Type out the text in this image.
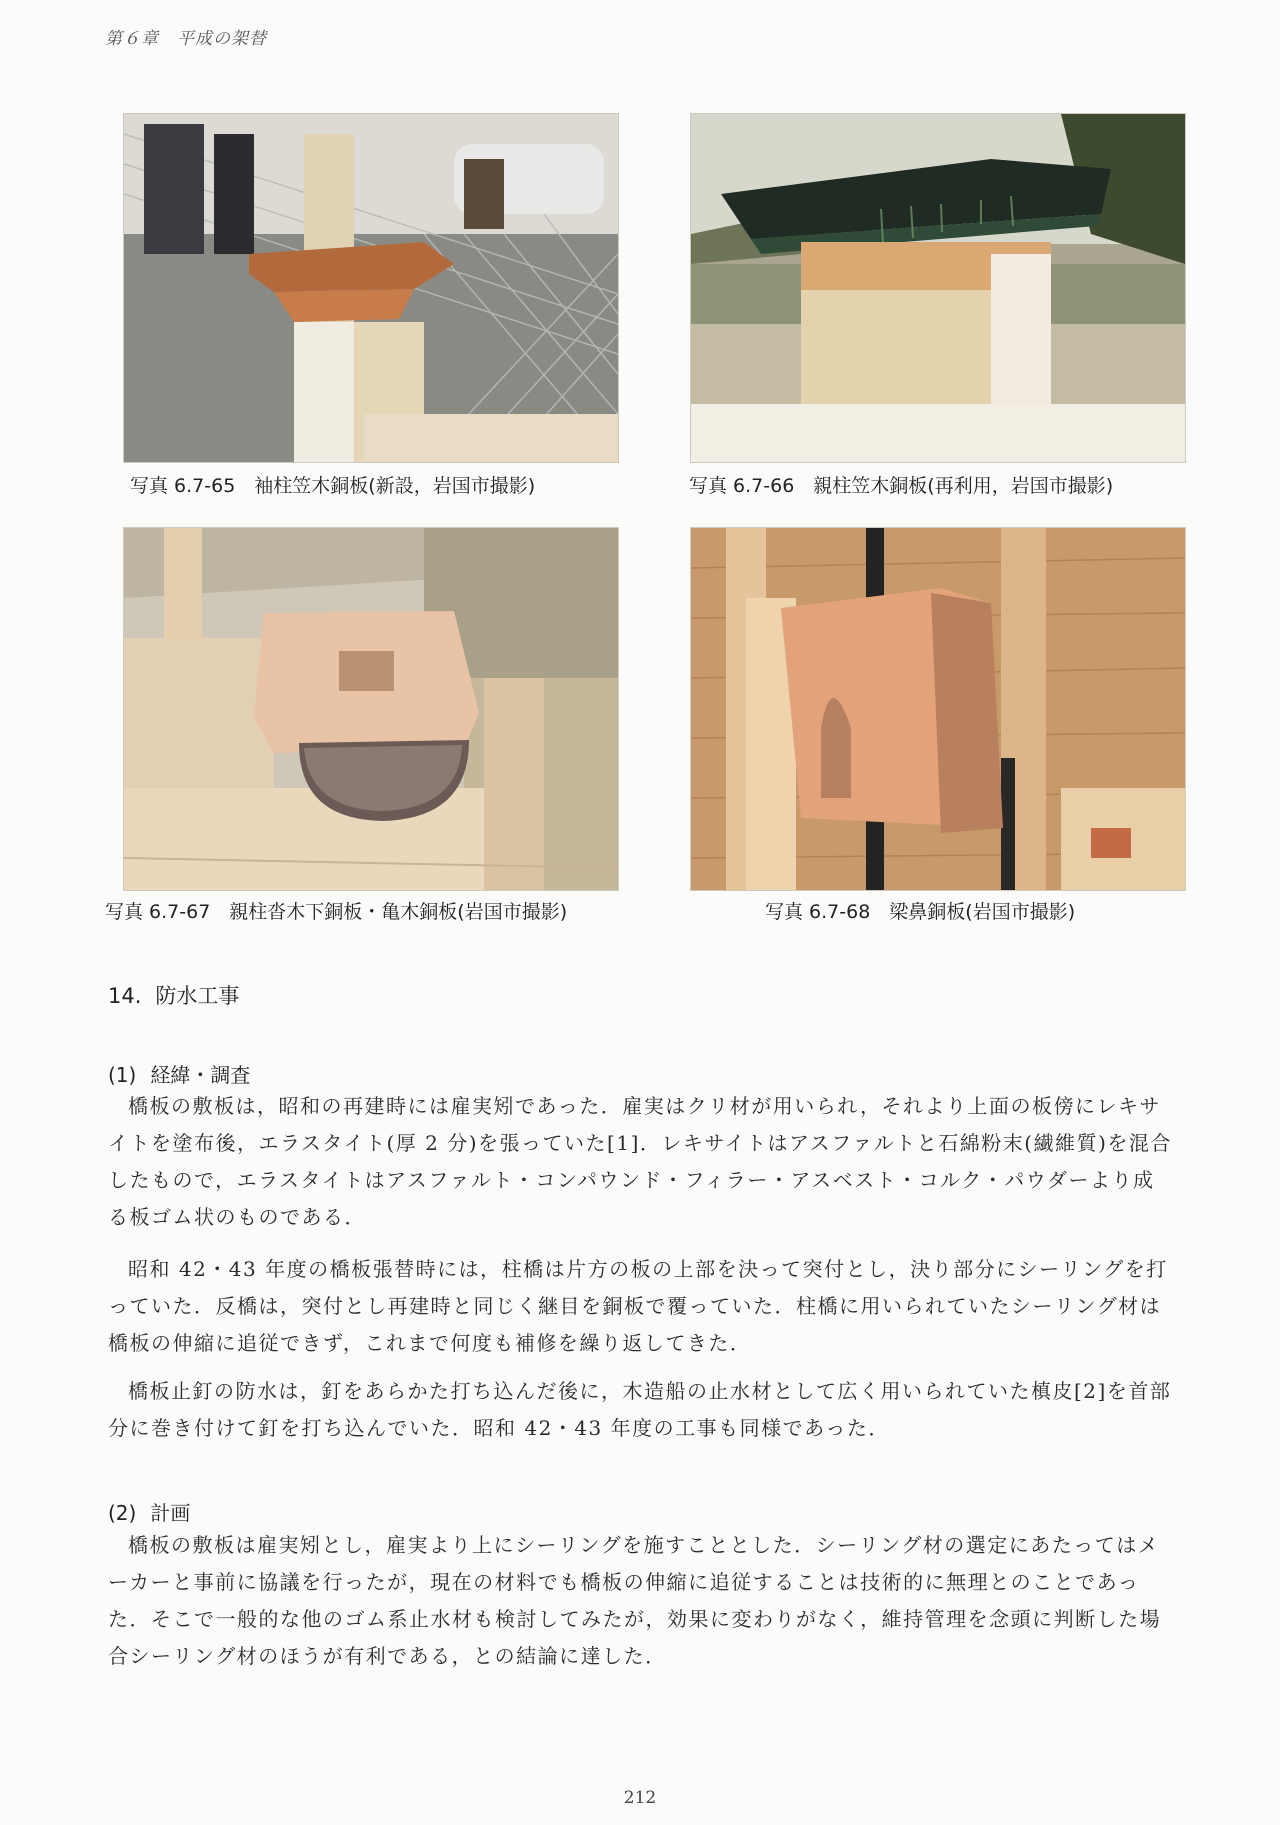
第６章　平成の架替
写真 6.7-65　袖柱笠木銅板(新設，岩国市撮影)	写真 6.7-66　親柱笠木銅板(再利用，岩国市撮影)
写真 6.7-67　親柱沓木下銅板・亀木銅板(岩国市撮影)	写真 6.7-68　梁鼻銅板(岩国市撮影)
14. 防水工事
(1) 経緯・調査

橋板の敷板は，昭和の再建時には雇実矧であった．雇実はクリ材が用いられ，それより上面の板傍にレキサイトを塗布後，エラスタイト(厚 2 分)を張っていた[1]．レキサイトはアスファルトと石綿粉末(繊維質)を混合したもので，エラスタイトはアスファルト・コンパウンド・フィラー・アスベスト・コルク・パウダーより成る板ゴム状のものである．

昭和 42・43 年度の橋板張替時には，柱橋は片方の板の上部を決って突付とし，決り部分にシーリングを打っていた．反橋は，突付とし再建時と同じく継目を銅板で覆っていた．柱橋に用いられていたシーリング材は橋板の伸縮に追従できず，これまで何度も補修を繰り返してきた．

橋板止釘の防水は，釘をあらかた打ち込んだ後に，木造船の止水材として広く用いられていた槙皮[2]を首部分に巻き付けて釘を打ち込んでいた．昭和 42・43 年度の工事も同様であった．

(2) 計画

橋板の敷板は雇実矧とし，雇実より上にシーリングを施すこととした．シーリング材の選定にあたってはメーカーと事前に協議を行ったが，現在の材料でも橋板の伸縮に追従することは技術的に無理とのことであった．そこで一般的な他のゴム系止水材も検討してみたが，効果に変わりがなく，維持管理を念頭に判断した場合シーリング材のほうが有利である，との結論に達した．

212
